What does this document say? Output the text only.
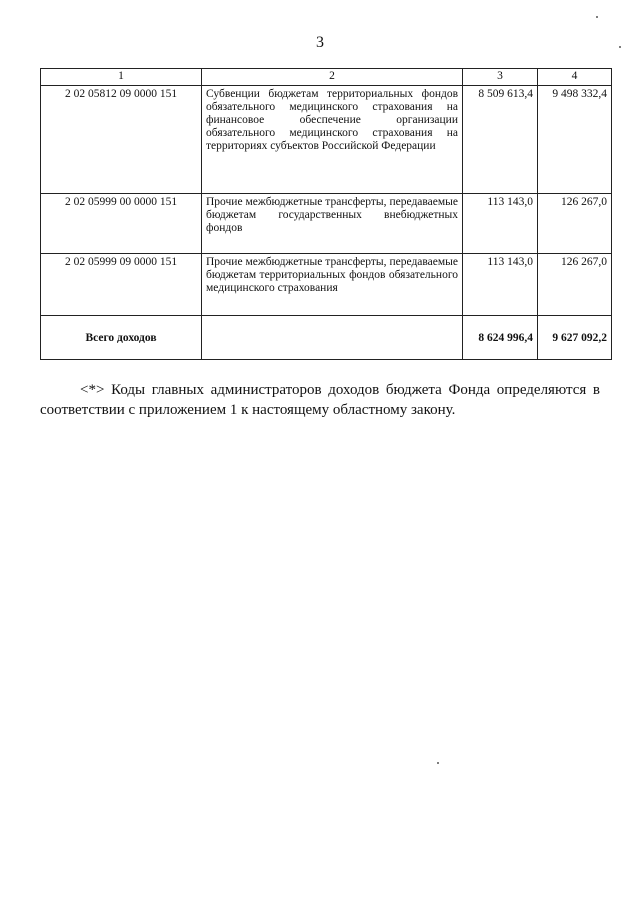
3
1	2	3	4
2 02 05812 09 0000 151	Субвенции бюджетам территориальных фондов обязательного медицинского страхования на финансовое обеспечение организации обязательного медицинского страхования на территориях субъектов Российской Федерации	8 509 613,4	9 498 332,4
2 02 05999 00 0000 151	Прочие межбюджетные трансферты, передаваемые бюджетам государственных внебюджетных фондов	113 143,0	126 267,0
2 02 05999 09 0000 151	Прочие межбюджетные трансферты, передаваемые бюджетам территориальных фондов обязательного медицинского страхования	113 143,0	126 267,0
Всего доходов		8 624 996,4	9 627 092,2
<*> Коды главных администраторов доходов бюджета Фонда определяются в соответствии с приложением 1 к настоящему областному закону.
